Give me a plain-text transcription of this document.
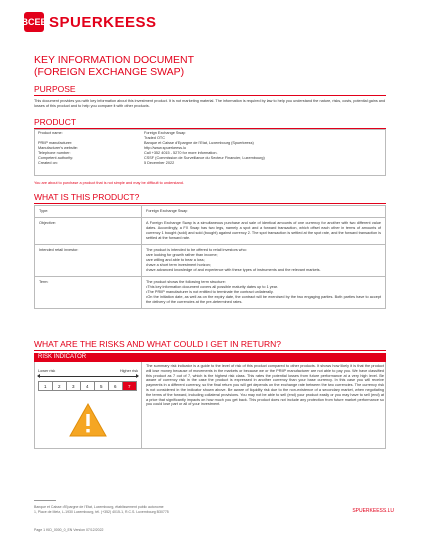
BCEE SPUERKEESS
KEY INFORMATION DOCUMENT
(FOREIGN EXCHANGE SWAP)
PURPOSE
This document provides you with key information about this investment product. It is not marketing material. The information is required by law to help you understand the nature, risks, costs, potential gains and losses of this product and to help you compare it with other products.
PRODUCT
Product name:	Foreign Exchange Swap
Traded OTC
PRIIP manufacturer:	Banque et Caisse d'Epargne de l'Etat, Luxembourg (Spuerkeess)
Manufacturer's website:	http://www.spuerkeess.lu
Telephone number:	Call +352 4015 - 5270 for more information.
Competent authority:	CSSF (Commission de Surveillance du Secteur Financier, Luxembourg)
Created on:	5 December 2022
You are about to purchase a product that is not simple and may be difficult to understand.
WHAT IS THIS PRODUCT?
Type:	Foreign Exchange Swap
Objective:	A Foreign Exchange Swap is a simultaneous purchase and sale of identical amounts of one currency for another with two different value dates. Accordingly, a FX Swap has two legs, namely a spot and a forward transaction, which offset each other in terms of amounts of currency 1 bought (sold) and sold (bought) against currency 2. The spot transaction is settled at the spot rate, and the forward transaction is settled at the forward rate.
Intended retail investor:	The product is intended to be offered to retail investors who:
•are looking for growth rather than income;
•are willing and able to bear a loss;
•have a short term investment horizon;
•have advanced knowledge of and experience with these types of instruments and the relevant markets.

Term:	The product shows the following term structure:
•This key information document covers all possible maturity dates up to 1 year.
•The PRIIP manufacturer is not entitled to terminate the contract unilaterally.
•On the initiation date, as well as on the expiry date, the contract will be exercised by the two engaging parties. Both parties have to accept the delivery of the currencies at the pre-determined rates.
WHAT ARE THE RISKS AND WHAT COULD I GET IN RETURN?
RISK INDICATOR
Lower risk	Higher risk
1	2	3	4	5	6	7
The summary risk indicator is a guide to the level of risk of this product compared to other products. It shows how likely it is that the product will lose money because of movements in the markets or because we or the PRIIP manufacturer are not able to pay you. We have classified this product as 7 out of 7, which is the highest risk class. This rates the potential losses from future performance at a very high level. Be aware of currency risk in the case the product is expressed in another currency than your base currency. In this case you will receive payments in a different currency, so the final return you will get depends on the exchange rate between the two currencies. The currency risk is not considered in the indicator shown above. Be aware of liquidity risk due to the non-existence of a secondary market, when negotiating the terms of the forward, including collateral provisions. You may not be able to sell (end) your product easily or you may have to sell (end) at a price that significantly impacts on how much you get back. This product does not include any protection from future market performance so you could lose part or all of your investment.
Banque et Caisse d'Epargne de l'Etat, Luxembourg, établissement public autonome
1, Place de Metz, L-1930 Luxembourg, tél. (+352) 4015-1, R.C.S. Luxembourg B30775	SPUERKEESS.LU
Page 1 KID_0000_0_EN Version 07/12/2022
